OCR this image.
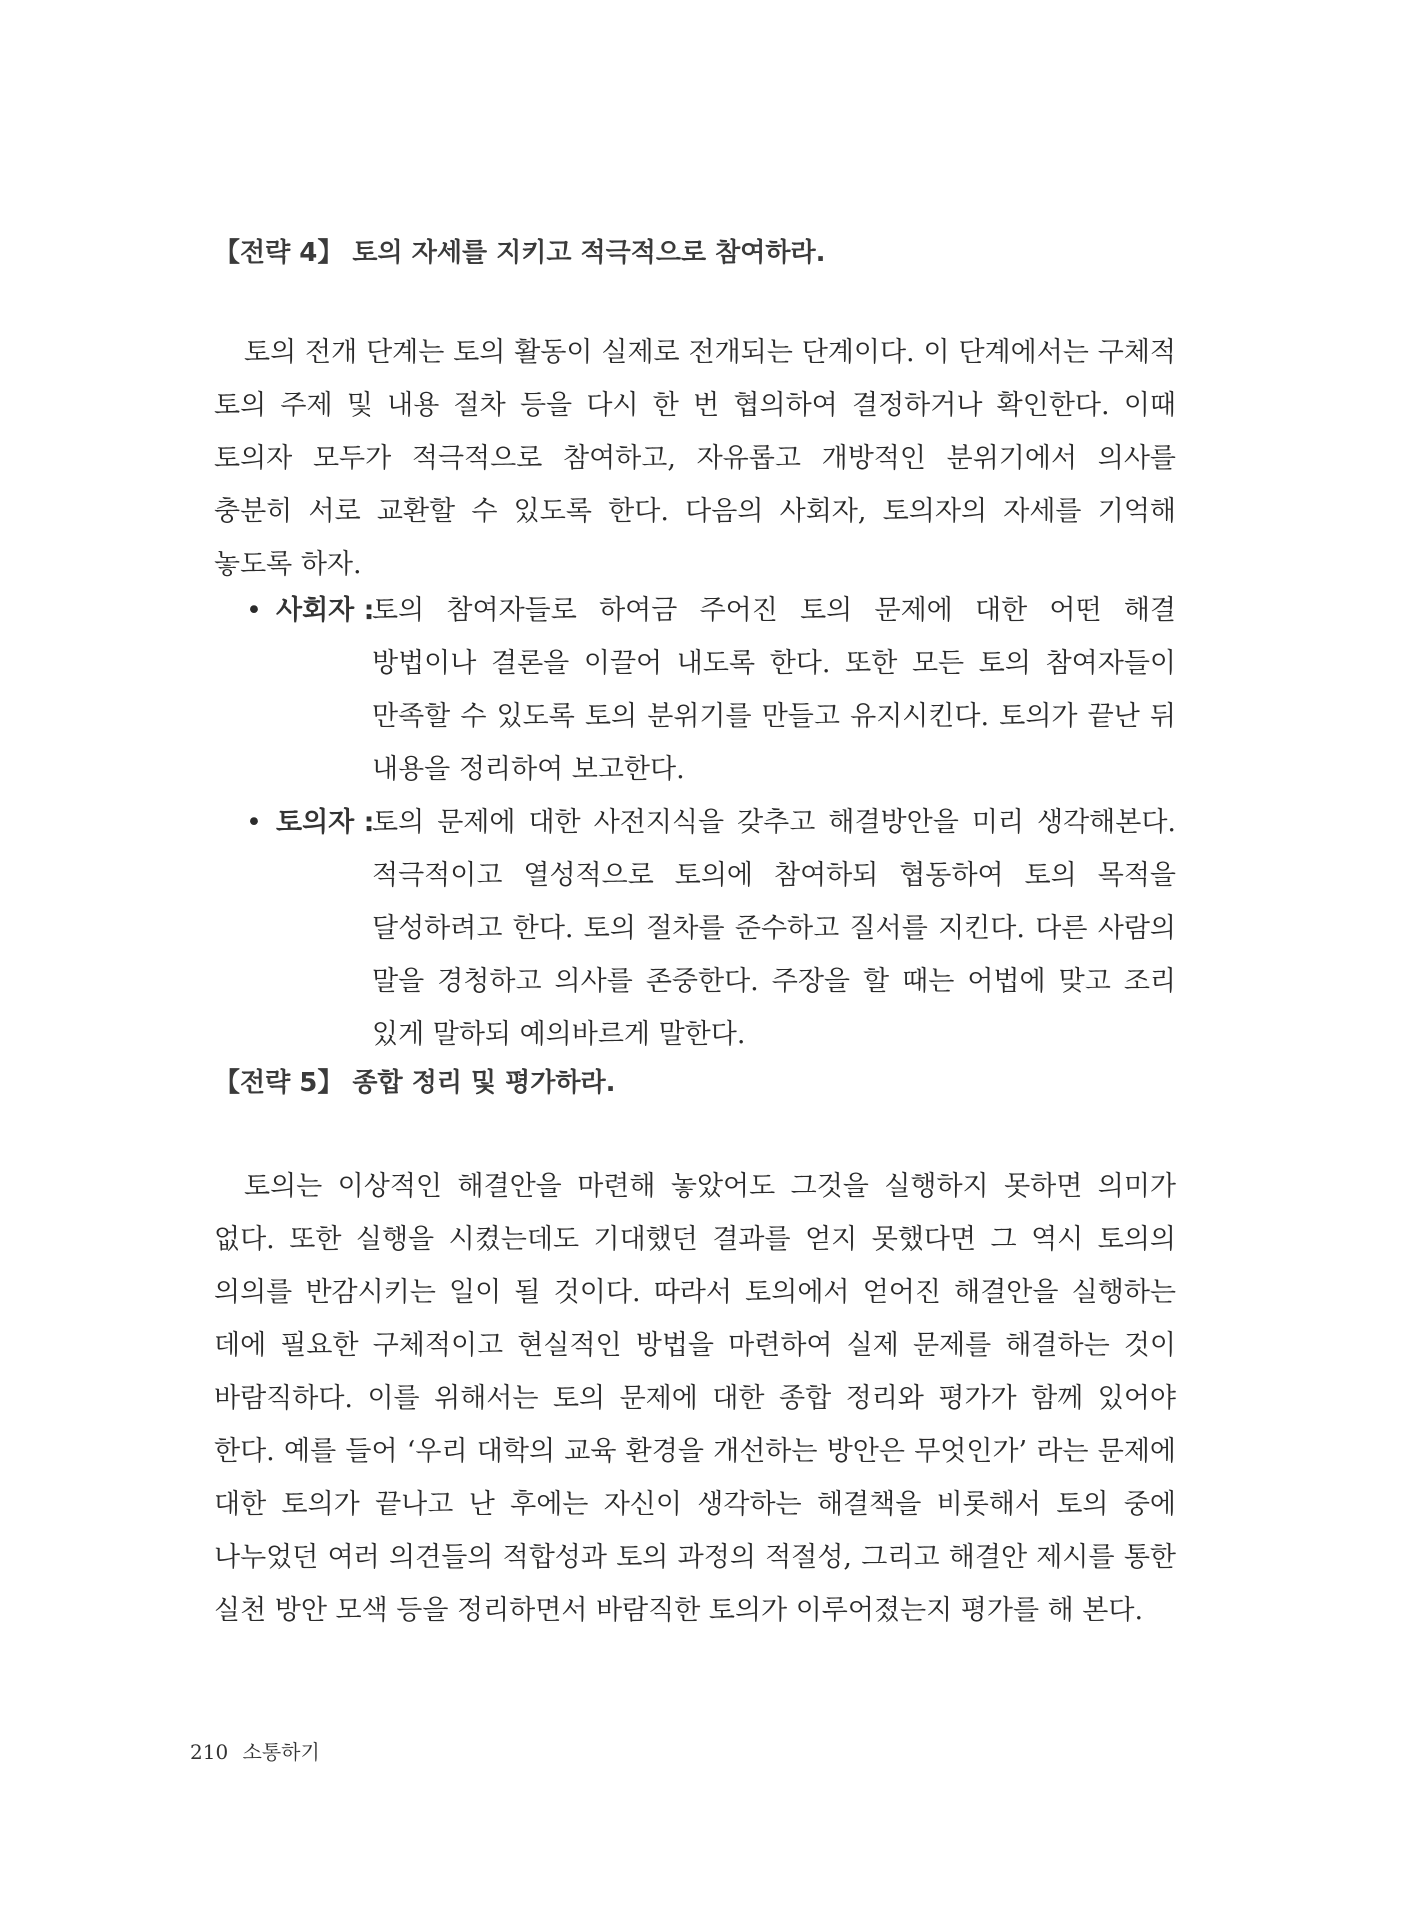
【전략 4】 토의 자세를 지키고 적극적으로 참여하라.

토의 전개 단계는 토의 활동이 실제로 전개되는 단계이다. 이 단계에서는 구체적 토의 주제 및 내용 절차 등을 다시 한 번 협의하여 결정하거나 확인한다. 이때 토의자 모두가 적극적으로 참여하고, 자유롭고 개방적인 분위기에서 의사를 충분히 서로 교환할 수 있도록 한다. 다음의 사회자, 토의자의 자세를 기억해 놓도록 하자.

• 사회자 :
토의 참여자들로 하여금 주어진 토의 문제에 대한 어떤 해결 방법이나 결론을 이끌어 내도록 한다. 또한 모든 토의 참여자들이 만족할 수 있도록 토의 분위기를 만들고 유지시킨다. 토의가 끝난 뒤 내용을 정리하여 보고한다.
• 토의자 :
토의 문제에 대한 사전지식을 갖추고 해결방안을 미리 생각해본다. 적극적이고 열성적으로 토의에 참여하되 협동하여 토의 목적을 달성하려고 한다. 토의 절차를 준수하고 질서를 지킨다. 다른 사람의 말을 경청하고 의사를 존중한다. 주장을 할 때는 어법에 맞고 조리 있게 말하되 예의바르게 말한다.
【전략 5】 종합 정리 및 평가하라.

토의는 이상적인 해결안을 마련해 놓았어도 그것을 실행하지 못하면 의미가 없다. 또한 실행을 시켰는데도 기대했던 결과를 얻지 못했다면 그 역시 토의의 의의를 반감시키는 일이 될 것이다. 따라서 토의에서 얻어진 해결안을 실행하는 데에 필요한 구체적이고 현실적인 방법을 마련하여 실제 문제를 해결하는 것이 바람직하다. 이를 위해서는 토의 문제에 대한 종합 정리와 평가가 함께 있어야 한다. 예를 들어 ‘우리 대학의 교육 환경을 개선하는 방안은 무엇인가’ 라는 문제에 대한 토의가 끝나고 난 후에는 자신이 생각하는 해결책을 비롯해서 토의 중에 나누었던 여러 의견들의 적합성과 토의 과정의 적절성, 그리고 해결안 제시를 통한 실천 방안 모색 등을 정리하면서 바람직한 토의가 이루어졌는지 평가를 해 본다.

210 소통하기
